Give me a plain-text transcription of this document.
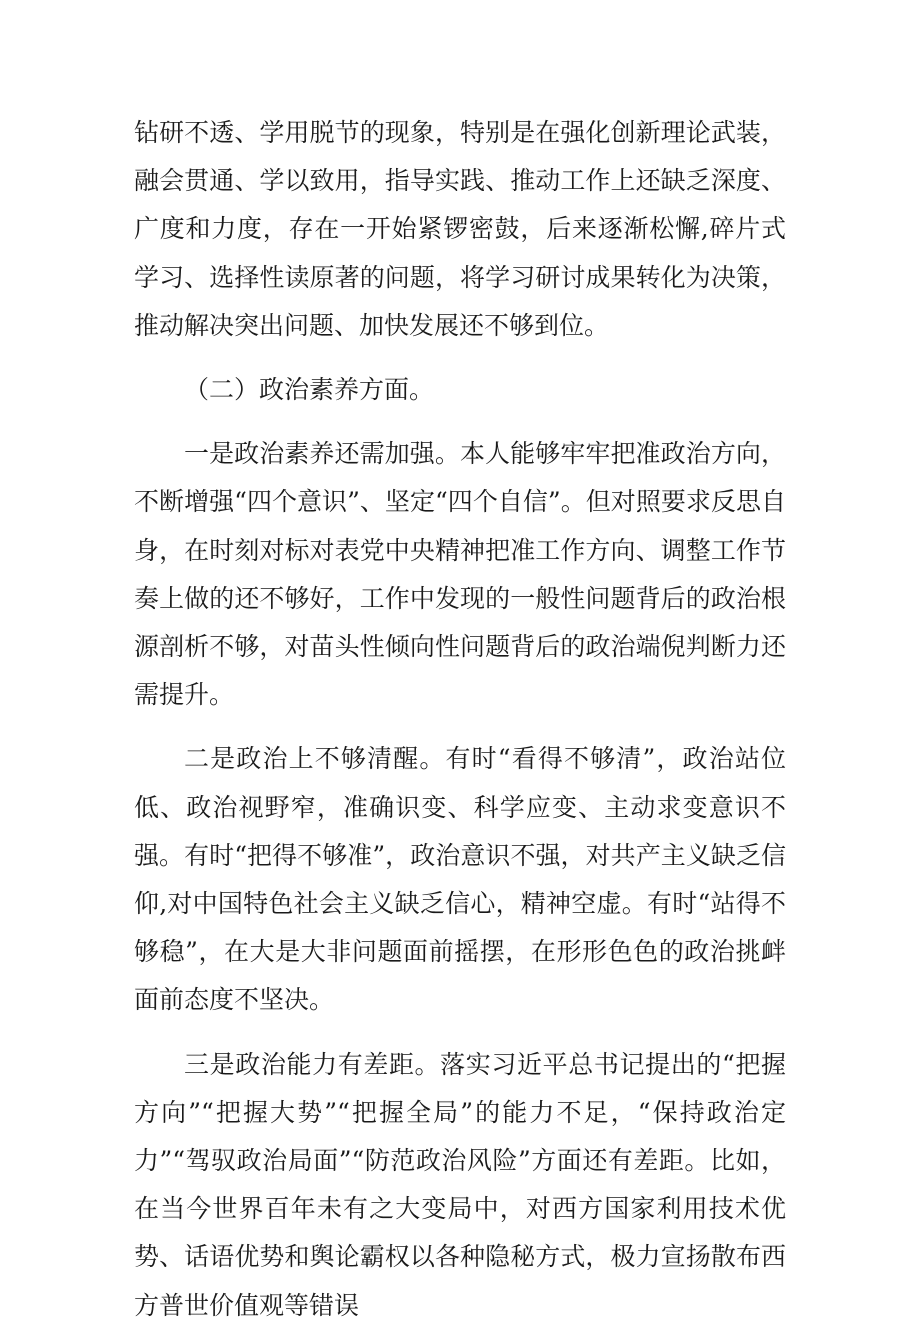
钻研不透、学用脱节的现象，特别是在强化创新理论武装，融会贯通、学以致用，指导实践、推动工作上还缺乏深度、广度和力度，存在一开始紧锣密鼓，后来逐渐松懈,碎片式学习、选择性读原著的问题，将学习研讨成果转化为决策，推动解决突出问题、加快发展还不够到位。

（二）政治素养方面。

一是政治素养还需加强。本人能够牢牢把准政治方向，不断增强“四个意识”、坚定“四个自信”。但对照要求反思自身，在时刻对标对表党中央精神把准工作方向、调整工作节奏上做的还不够好，工作中发现的一般性问题背后的政治根源剖析不够，对苗头性倾向性问题背后的政治端倪判断力还需提升。

二是政治上不够清醒。有时“看得不够清”，政治站位低、政治视野窄，准确识变、科学应变、主动求变意识不强。有时“把得不够准”，政治意识不强，对共产主义缺乏信仰,对中国特色社会主义缺乏信心，精神空虚。有时“站得不够稳”，在大是大非问题面前摇摆，在形形色色的政治挑衅面前态度不坚决。

三是政治能力有差距。落实习近平总书记提出的“把握方向”“把握大势”“把握全局”的能力不足，“保持政治定力”“驾驭政治局面”“防范政治风险”方面还有差距。比如，在当今世界百年未有之大变局中，对西方国家利用技术优势、话语优势和舆论霸权以各种隐秘方式，极力宣扬散布西方普世价值观等错误
